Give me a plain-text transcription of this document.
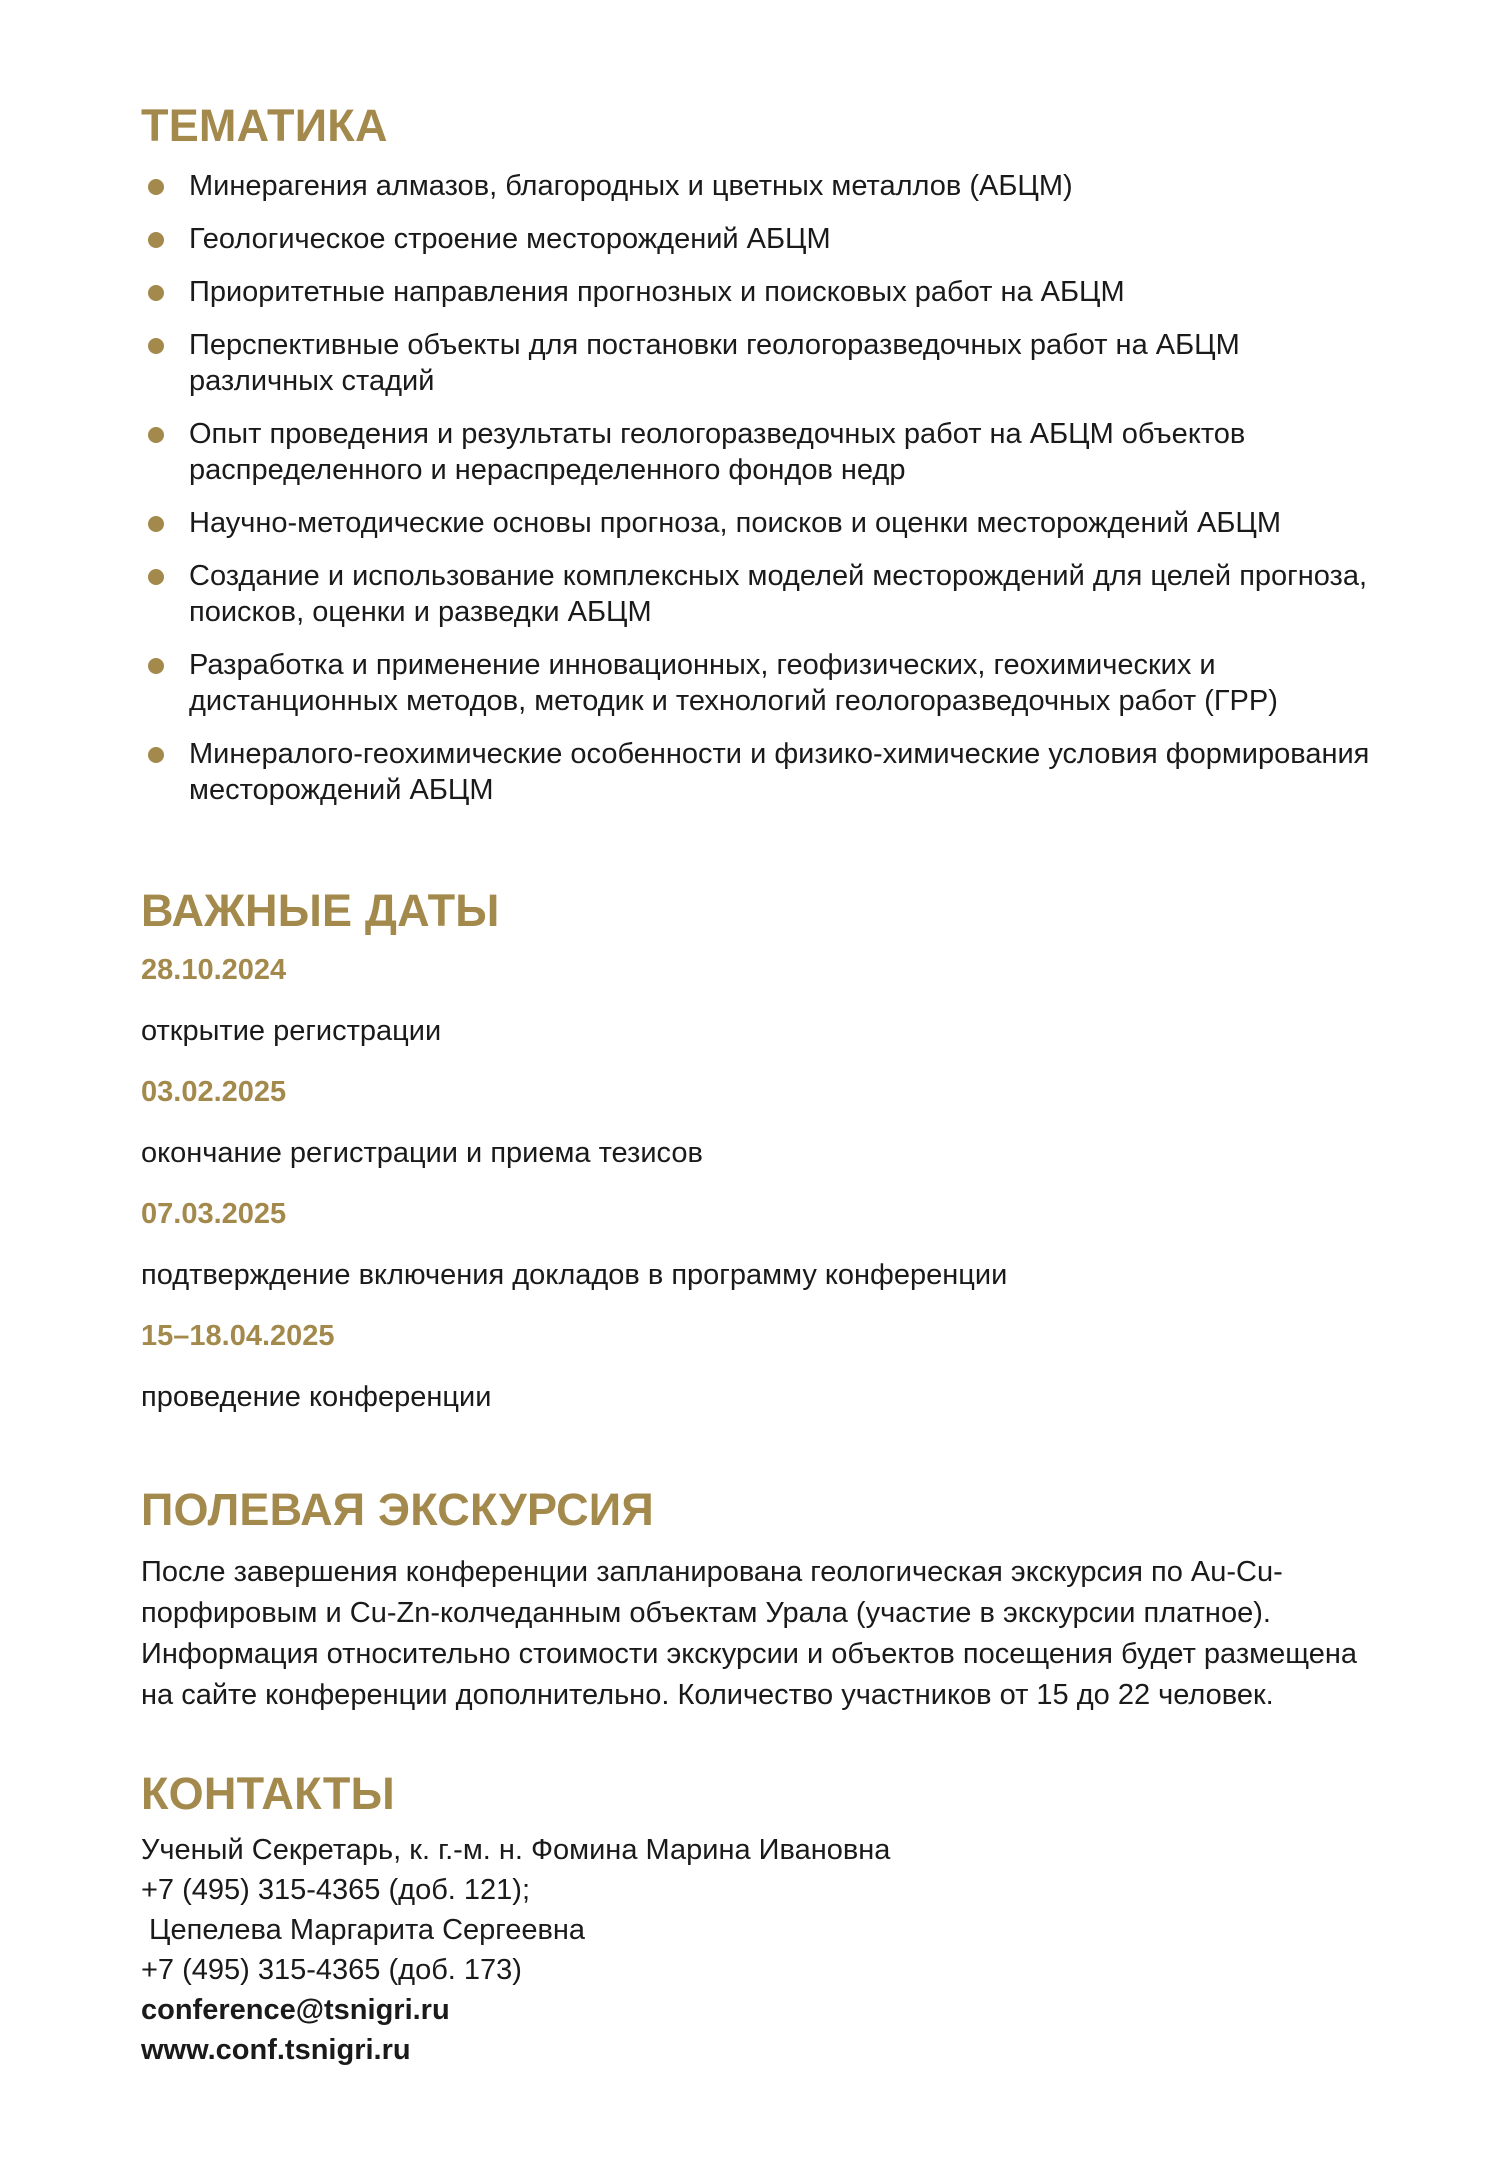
ТЕМАТИКА
Минерагения алмазов, благородных и цветных металлов (АБЦМ)
Геологическое строение месторождений АБЦМ
Приоритетные направления прогнозных и поисковых работ на АБЦМ
Перспективные объекты для постановки геологоразведочных работ на АБЦМ
различных стадий
Опыт проведения и результаты геологоразведочных работ на АБЦМ объектов
распределенного и нераспределенного фондов недр
Научно-методические основы прогноза, поисков и оценки месторождений АБЦМ
Создание и использование комплексных моделей месторождений для целей прогноза,
поисков, оценки и разведки АБЦМ
Разработка и применение инновационных, геофизических, геохимических и
дистанционных методов, методик и технологий геологоразведочных работ (ГРР)
Минералого-геохимические особенности и физико-химические условия формирования
месторождений АБЦМ
ВАЖНЫЕ ДАТЫ
28.10.2024
открытие регистрации
03.02.2025
окончание регистрации и приема тезисов
07.03.2025
подтверждение включения докладов в программу конференции
15–18.04.2025
проведение конференции
ПОЛЕВАЯ ЭКСКУРСИЯ

После завершения конференции запланирована геологическая экскурсия по Au-Cu-
порфировым и Cu-Zn-колчеданным объектам Урала (участие в экскурсии платное).
Информация относительно стоимости экскурсии и объектов посещения будет размещена
на сайте конференции дополнительно. Количество участников от 15 до 22 человек.

КОНТАКТЫ
Ученый Секретарь, к. г.-м. н. Фомина Марина Ивановна
+7 (495) 315-4365 (доб. 121);
Цепелева Маргарита Сергеевна
+7 (495) 315-4365 (доб. 173)
conference@tsnigri.ru
www.conf.tsnigri.ru
